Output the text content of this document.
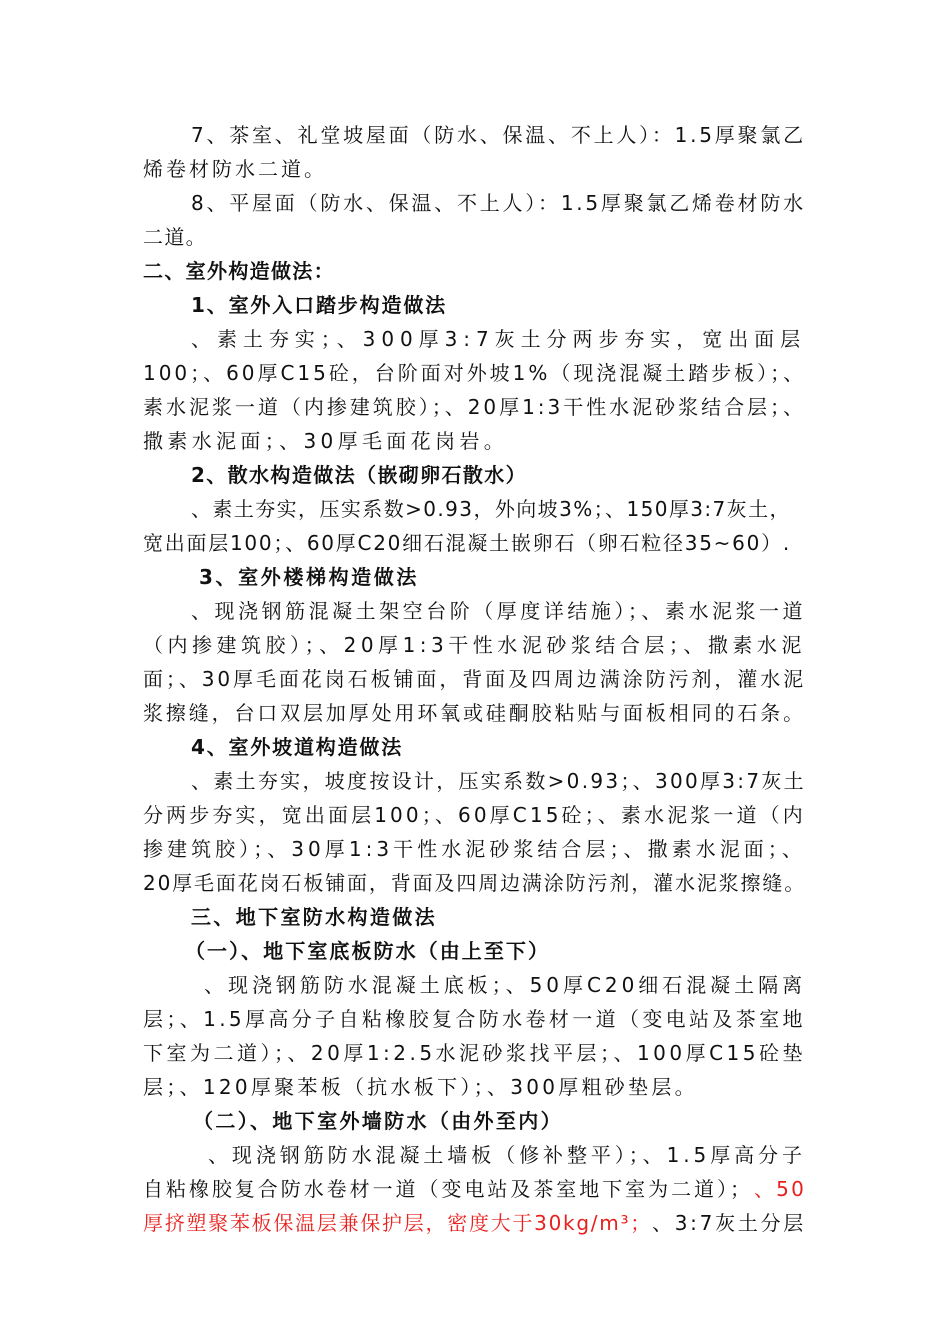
7、茶室、礼堂坡屋面（防水、保温、不上人）：1.5厚聚氯乙
烯卷材防水二道。
8、平屋面（防水、保温、不上人）：1.5厚聚氯乙烯卷材防水
二道。
二、室外构造做法：
1、室外入口踏步构造做法
、素土夯实；、300厚3:7灰土分两步夯实，宽出面层
100；、60厚C15砼，台阶面对外坡1%（现浇混凝土踏步板）；、
素水泥浆一道（内掺建筑胶）；、20厚1:3干性水泥砂浆结合层；、
撒素水泥面；、30厚毛面花岗岩。
2、散水构造做法（嵌砌卵石散水）
、素土夯实，压实系数>0.93，外向坡3%；、150厚3:7灰土，
宽出面层100；、60厚C20细石混凝土嵌卵石（卵石粒径35~60）.
3、室外楼梯构造做法
、现浇钢筋混凝土架空台阶（厚度详结施）；、素水泥浆一道
（内掺建筑胶）；、20厚1:3干性水泥砂浆结合层；、撒素水泥
面；、30厚毛面花岗石板铺面，背面及四周边满涂防污剂，灌水泥
浆擦缝，台口双层加厚处用环氧或硅酮胶粘贴与面板相同的石条。
4、室外坡道构造做法
、素土夯实，坡度按设计，压实系数>0.93；、300厚3:7灰土
分两步夯实，宽出面层100；、60厚C15砼；、素水泥浆一道（内
掺建筑胶）；、30厚1:3干性水泥砂浆结合层；、撒素水泥面；、
20厚毛面花岗石板铺面，背面及四周边满涂防污剂，灌水泥浆擦缝。
三、地下室防水构造做法
（一）、地下室底板防水（由上至下）
、现浇钢筋防水混凝土底板；、50厚C20细石混凝土隔离
层；、1.5厚高分子自粘橡胶复合防水卷材一道（变电站及茶室地
下室为二道）；、20厚1:2.5水泥砂浆找平层；、100厚C15砼垫
层；、120厚聚苯板（抗水板下）；、300厚粗砂垫层。
（二）、地下室外墙防水（由外至内）
、现浇钢筋防水混凝土墙板（修补整平）；、1.5厚高分子
自粘橡胶复合防水卷材一道（变电站及茶室地下室为二道）； 、50
厚挤塑聚苯板保温层兼保护层，密度大于30kg/m³； 、3:7灰土分层
